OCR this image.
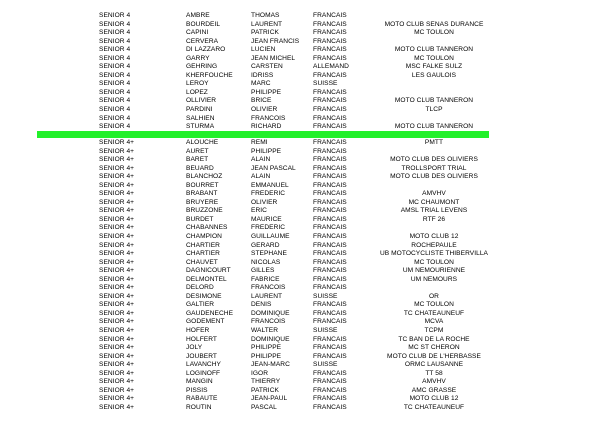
SENIOR 4	AMBRE	THOMAS	FRANCAIS
SENIOR 4	BOURDEIL	LAURENT	FRANCAIS	MOTO CLUB SENAS DURANCE
SENIOR 4	CAPINI	PATRICK	FRANCAIS	MC TOULON
SENIOR 4	CERVERA	JEAN FRANCIS	FRANCAIS
SENIOR 4	DI LAZZARO	LUCIEN	FRANCAIS	MOTO CLUB TANNERON
SENIOR 4	GARRY	JEAN MICHEL	FRANCAIS	MC TOULON
SENIOR 4	GEHRING	CARSTEN	ALLEMAND	MSC FALKE SULZ
SENIOR 4	KHERFOUCHE	IDRISS	FRANCAIS	LES GAULOIS
SENIOR 4	LEROY	MARC	SUISSE
SENIOR 4	LOPEZ	PHILIPPE	FRANCAIS
SENIOR 4	OLLIVIER	BRICE	FRANCAIS	MOTO CLUB TANNERON
SENIOR 4	PARDINI	OLIVIER	FRANCAIS	TLCP
SENIOR 4	SALHIEN	FRANCOIS	FRANCAIS
SENIOR 4	STURMA	RICHARD	FRANCAIS	MOTO CLUB TANNERON
SENIOR 4+	ALOUCHE	REMI	FRANCAIS	PMTT
SENIOR 4+	AURET	PHILIPPE	FRANCAIS
SENIOR 4+	BARET	ALAIN	FRANCAIS	MOTO CLUB DES OLIVIERS
SENIOR 4+	BEUARD	JEAN PASCAL	FRANCAIS	TROLLSPORT TRIAL
SENIOR 4+	BLANCHOZ	ALAIN	FRANCAIS	MOTO CLUB DES OLIVIERS
SENIOR 4+	BOURRET	EMMANUEL	FRANCAIS
SENIOR 4+	BRABANT	FREDERIC	FRANCAIS	AMVHV
SENIOR 4+	BRUYERE	OLIVIER	FRANCAIS	MC CHAUMONT
SENIOR 4+	BRUZZONE	ERIC	FRANCAIS	AMSL TRIAL LEVENS
SENIOR 4+	BURDET	MAURICE	FRANCAIS	RTF 26
SENIOR 4+	CHABANNES	FREDERIC	FRANCAIS
SENIOR 4+	CHAMPION	GUILLAUME	FRANCAIS	MOTO CLUB 12
SENIOR 4+	CHARTIER	GERARD	FRANCAIS	ROCHEPAULE
SENIOR 4+	CHARTIER	STEPHANE	FRANCAIS	UB MOTOCYCLISTE THIBERVILLA
SENIOR 4+	CHAUVET	NICOLAS	FRANCAIS	MC TOULON
SENIOR 4+	DAGNICOURT	GILLES	FRANCAIS	UM NEMOURIENNE
SENIOR 4+	DELMONTEL	FABRICE	FRANCAIS	UM NEMOURS
SENIOR 4+	DELORD	FRANCOIS	FRANCAIS
SENIOR 4+	DESIMONE	LAURENT	SUISSE	OR
SENIOR 4+	GALTIER	DENIS	FRANCAIS	MC TOULON
SENIOR 4+	GAUDENECHE	DOMINIQUE	FRANCAIS	TC CHATEAUNEUF
SENIOR 4+	GODEMENT	FRANCOIS	FRANCAIS	MCVA
SENIOR 4+	HOFER	WALTER	SUISSE	TCPM
SENIOR 4+	HOLFERT	DOMINIQUE	FRANCAIS	TC BAN DE LA ROCHE
SENIOR 4+	JOLY	PHILIPPE	FRANCAIS	MC ST CHERON
SENIOR 4+	JOUBERT	PHILIPPE	FRANCAIS	MOTO CLUB DE L'HERBASSE
SENIOR 4+	LAVANCHY	JEAN-MARC	SUISSE	ORMC LAUSANNE
SENIOR 4+	LOGINOFF	IGOR	FRANCAIS	TT 58
SENIOR 4+	MANGIN	THIERRY	FRANCAIS	AMVHV
SENIOR 4+	PISSIS	PATRICK	FRANCAIS	AMC GRASSE
SENIOR 4+	RABAUTE	JEAN-PAUL	FRANCAIS	MOTO CLUB 12
SENIOR 4+	ROUTIN	PASCAL	FRANCAIS	TC CHATEAUNEUF
